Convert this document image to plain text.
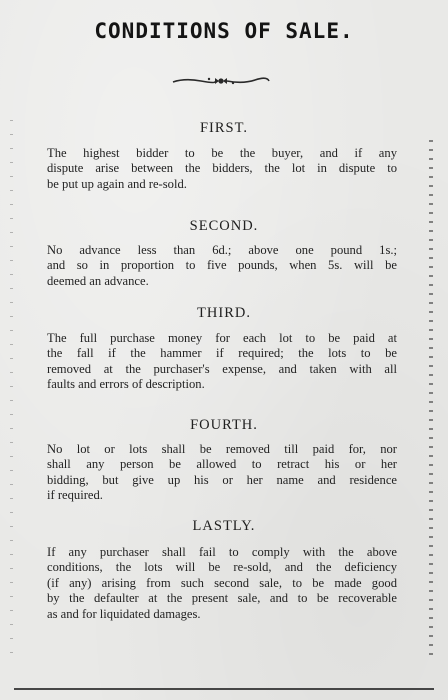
CONDITIONS OF SALE.
FIRST.
The highest bidder to be the buyer, and if any
dispute arise between the bidders, the lot in dispute to
be put up again and re-sold.
SECOND.
No advance less than 6d.; above one pound 1s.;
and so in proportion to five pounds, when 5s. will be
deemed an advance.
THIRD.
The full purchase money for each lot to be paid at
the fall if the hammer if required; the lots to be
removed at the purchaser's expense, and taken with all
faults and errors of description.
FOURTH.
No lot or lots shall be removed till paid for, nor
shall any person be allowed to retract his or her
bidding, but give up his or her name and residence
if required.
LASTLY.
If any purchaser shall fail to comply with the above
conditions, the lots will be re-sold, and the deficiency
(if any) arising from such second sale, to be made good
by the defaulter at the present sale, and to be recoverable
as and for liquidated damages.
